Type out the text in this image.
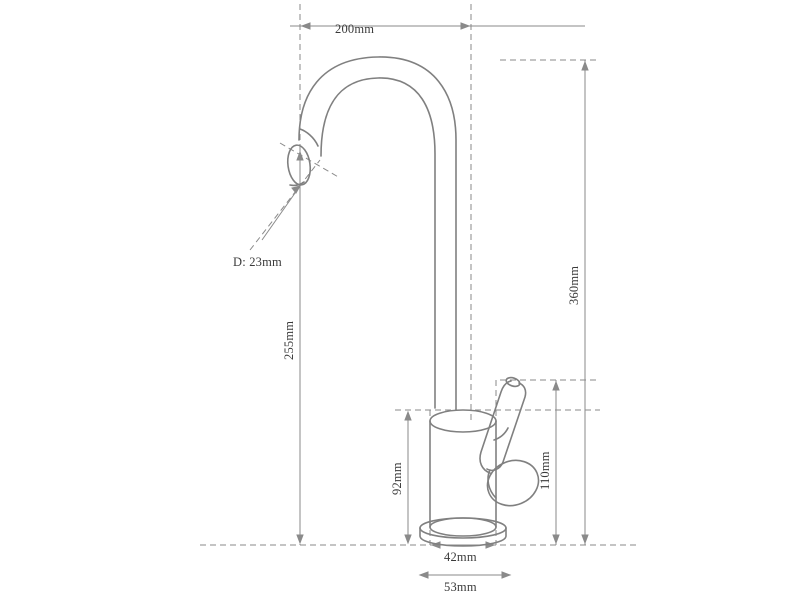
200mm
D: 23mm
255mm
360mm
110mm
92mm
42mm
53mm
